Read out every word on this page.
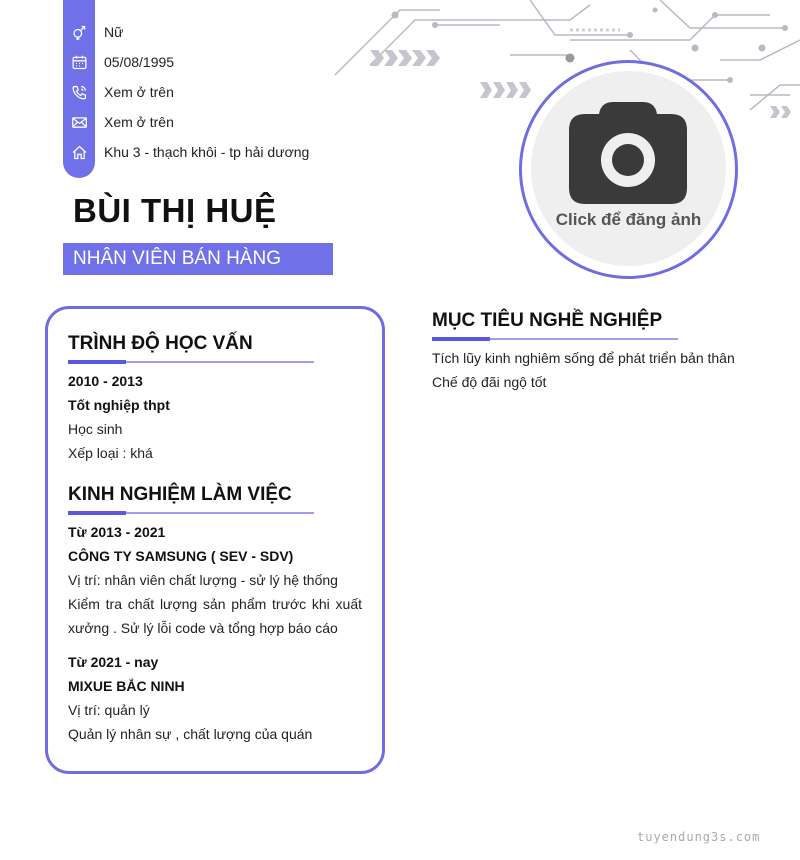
Nữ
05/08/1995
Xem ở trên
Xem ở trên
Khu 3 - thạch khôi - tp hải dương
BÙI THỊ HUỆ
NHÂN VIÊN BÁN HÀNG
Click để đăng ảnh
TRÌNH ĐỘ HỌC VẤN
2010 - 2013
Tốt nghiệp thpt
Học sinh
Xếp loại : khá
KINH NGHIỆM LÀM VIỆC
Từ 2013 - 2021
CÔNG TY SAMSUNG ( SEV - SDV)
Vị trí: nhân viên chất lượng - sử lý hệ thống
Kiểm tra chất lượng sản phẩm trước khi xuất xưởng . Sử lý lỗi code và tổng hợp báo cáo
Từ 2021 - nay
MIXUE BẮC NINH
Vị trí: quản lý
Quản lý nhân sự , chất lượng của quán
MỤC TIÊU NGHỀ NGHIỆP
Tích lũy kinh nghiêm sống để phát triển bản thân
Chế độ đãi ngộ tốt
tuyendung3s.com
